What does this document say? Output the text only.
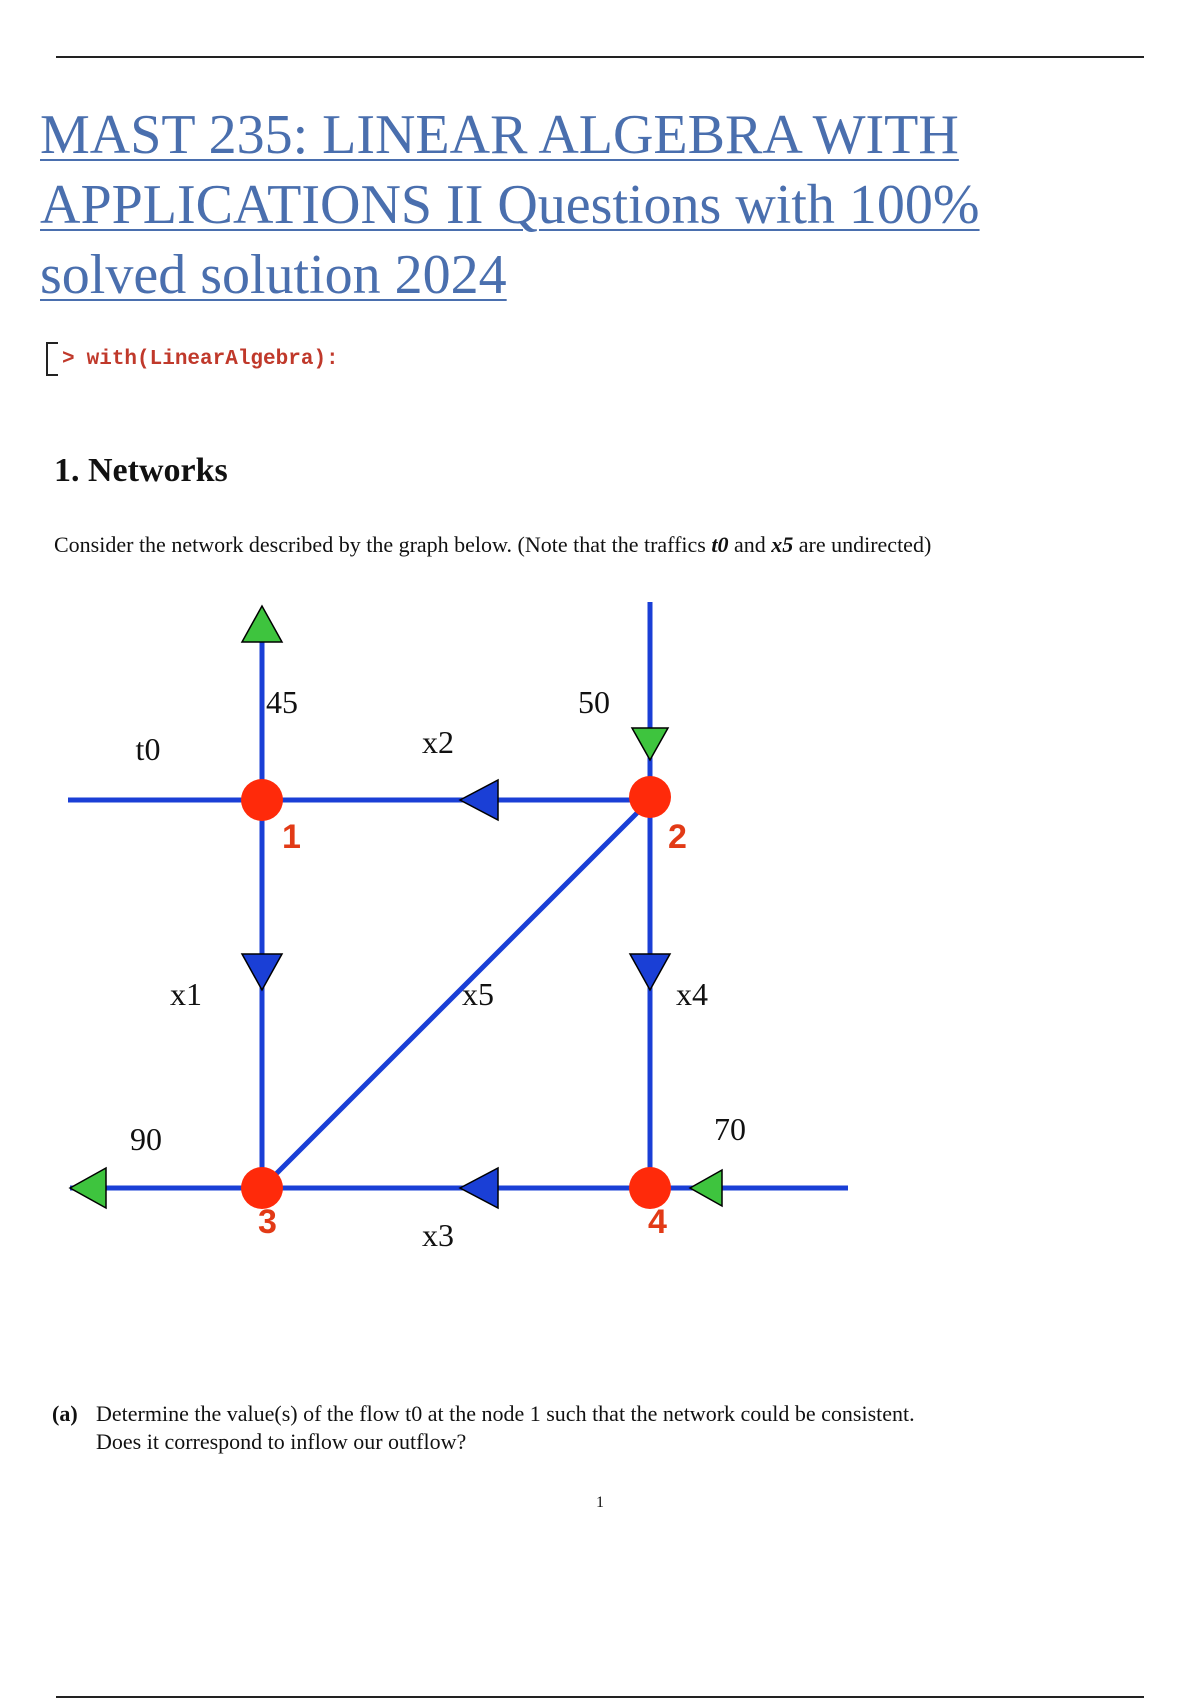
MAST 235: LINEAR ALGEBRA WITH
APPLICATIONS II Questions with 100%
solved solution 2024
> with(LinearAlgebra):
1. Networks
Consider the network described by the graph below. (Note that the traffics t0 and x5 are undirected)
1	2
3	4
t0
45
x2
50
x1	x5	x4
70
90
x3
(a) Determine the value(s) of the flow t0 at the node 1 such that the network could be consistent.
Does it correspond to inflow our outflow?
1
